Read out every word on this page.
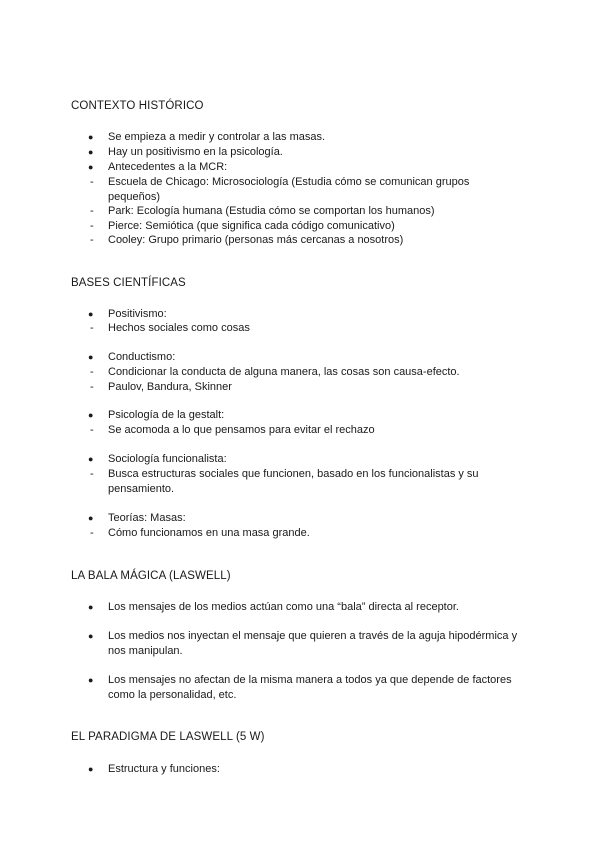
CONTEXTO HISTÓRICO
●	Se empieza a medir y controlar a las masas.
●	Hay un positivismo en la psicología.
●	Antecedentes a la MCR:
-	Escuela de Chicago: Microsociología (Estudia cómo se comunican grupos
pequeños)
-	Park: Ecología humana (Estudia cómo se comportan los humanos)
-	Pierce: Semiótica (que significa cada código comunicativo)
-	Cooley: Grupo primario (personas más cercanas a nosotros)
BASES CIENTÍFICAS
●	Positivismo:
-	Hechos sociales como cosas
●	Conductismo:
-	Condicionar la conducta de alguna manera, las cosas son causa-efecto.
-	Paulov, Bandura, Skinner
●	Psicología de la gestalt:
-	Se acomoda a lo que pensamos para evitar el rechazo
●	Sociología funcionalista:
-	Busca estructuras sociales que funcionen, basado en los funcionalistas y su
pensamiento.
●	Teorías: Masas:
-	Cómo funcionamos en una masa grande.
LA BALA MÁGICA (LASWELL)
●	Los mensajes de los medios actúan como una “bala” directa al receptor.
●	Los medios nos inyectan el mensaje que quieren a través de la aguja hipodérmica y
nos manipulan.
●	Los mensajes no afectan de la misma manera a todos ya que depende de factores
como la personalidad, etc.
EL PARADIGMA DE LASWELL (5 W)
●	Estructura y funciones:
